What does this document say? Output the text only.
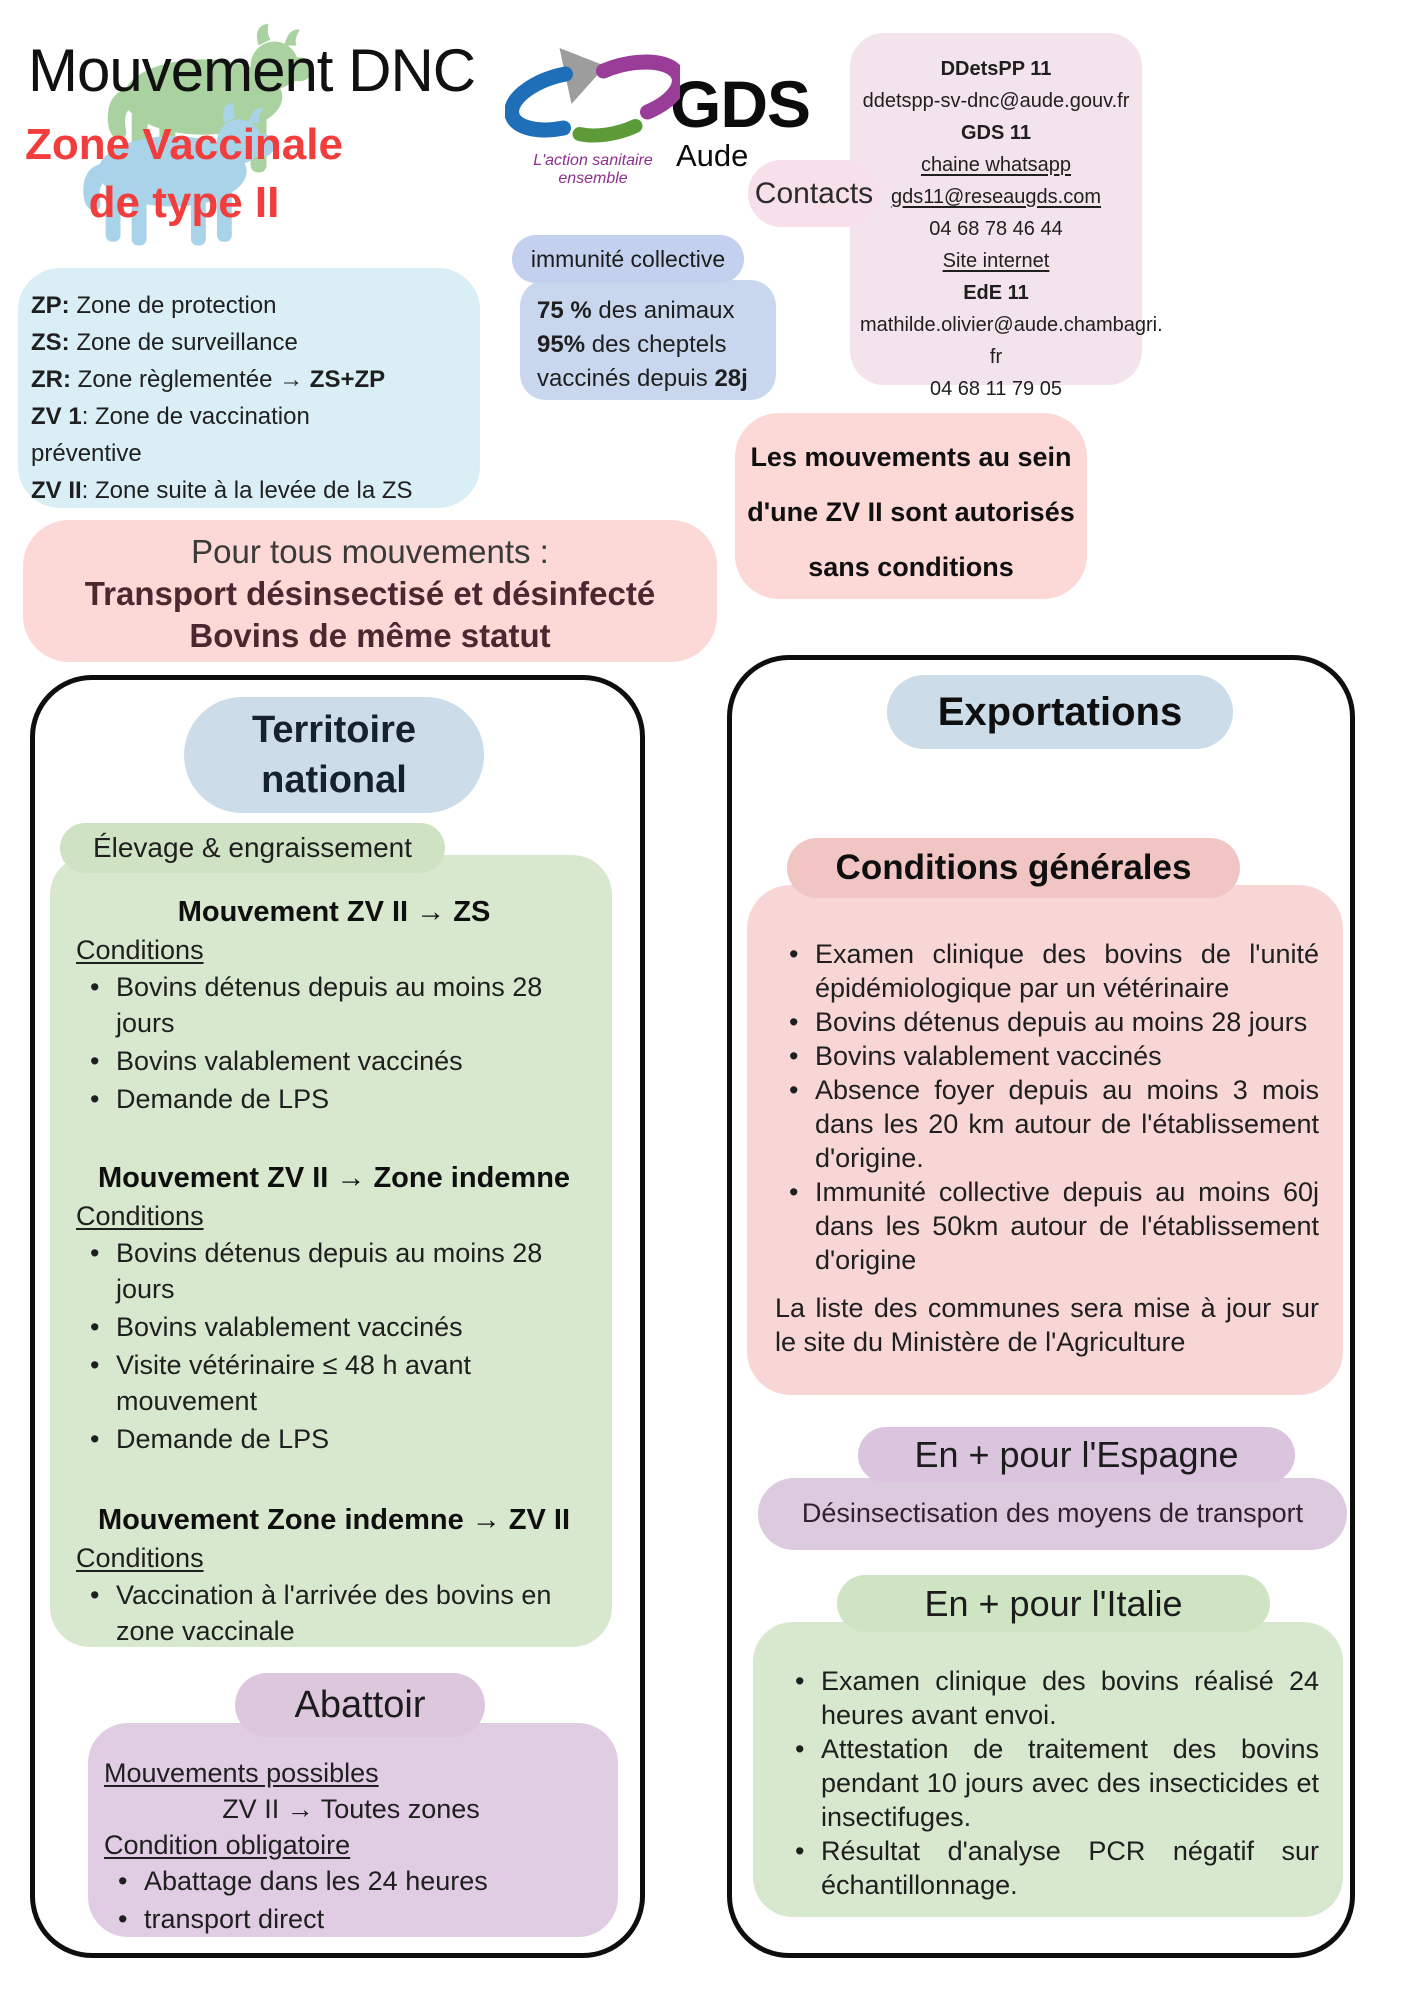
Mouvement DNC
Zone Vaccinale
de type II
L'action sanitaire ensemble
GDS
Aude
Contacts
DDetsPP 11
ddetspp-sv-dnc@aude.gouv.fr
GDS 11
chaine whatsapp
gds11@reseaugds.com
04 68 78 46 44
Site internet
EdE 11
mathilde.olivier@aude.chambagri.
fr
04 68 11 79 05
immunité collective
75 % des animaux
95% des cheptels
vaccinés depuis 28j
ZP: Zone de protection
ZS: Zone de surveillance
ZR: Zone règlementée → ZS+ZP
ZV 1: Zone de vaccination
préventive
ZV II: Zone suite à la levée de la ZS
Pour tous mouvements :
Transport désinsectisé et désinfecté
Bovins de même statut
Les mouvements au sein
d'une ZV II sont autorisés
sans conditions
Territoire
national
Élevage & engraissement
Mouvement ZV II → ZS
Conditions
• Bovins détenus depuis au moins 28 jours
• Bovins valablement vaccinés
• Demande de LPS
Mouvement ZV II → Zone indemne
Conditions
• Bovins détenus depuis au moins 28 jours
• Bovins valablement vaccinés
• Visite vétérinaire ≤ 48 h avant mouvement
• Demande de LPS
Mouvement Zone indemne → ZV II
Conditions
• Vaccination à l'arrivée des bovins en zone vaccinale
Abattoir
Mouvements possibles
ZV II → Toutes zones
Condition obligatoire
• Abattage dans les 24 heures
• transport direct
Exportations
Conditions générales
• Examen clinique des bovins de l'unité épidémiologique par un vétérinaire
• Bovins détenus depuis au moins 28 jours
• Bovins valablement vaccinés
• Absence foyer depuis au moins 3 mois dans les 20 km autour de l'établissement d'origine.
• Immunité collective depuis au moins 60j dans les 50km autour de l'établissement d'origine
La liste des communes sera mise à jour sur le site du Ministère de l'Agriculture
En + pour l'Espagne
Désinsectisation des moyens de transport
En + pour l'Italie
• Examen clinique des bovins réalisé 24 heures avant envoi.
• Attestation de traitement des bovins pendant 10 jours avec des insecticides et insectifuges.
• Résultat d'analyse PCR négatif sur échantillonnage.
